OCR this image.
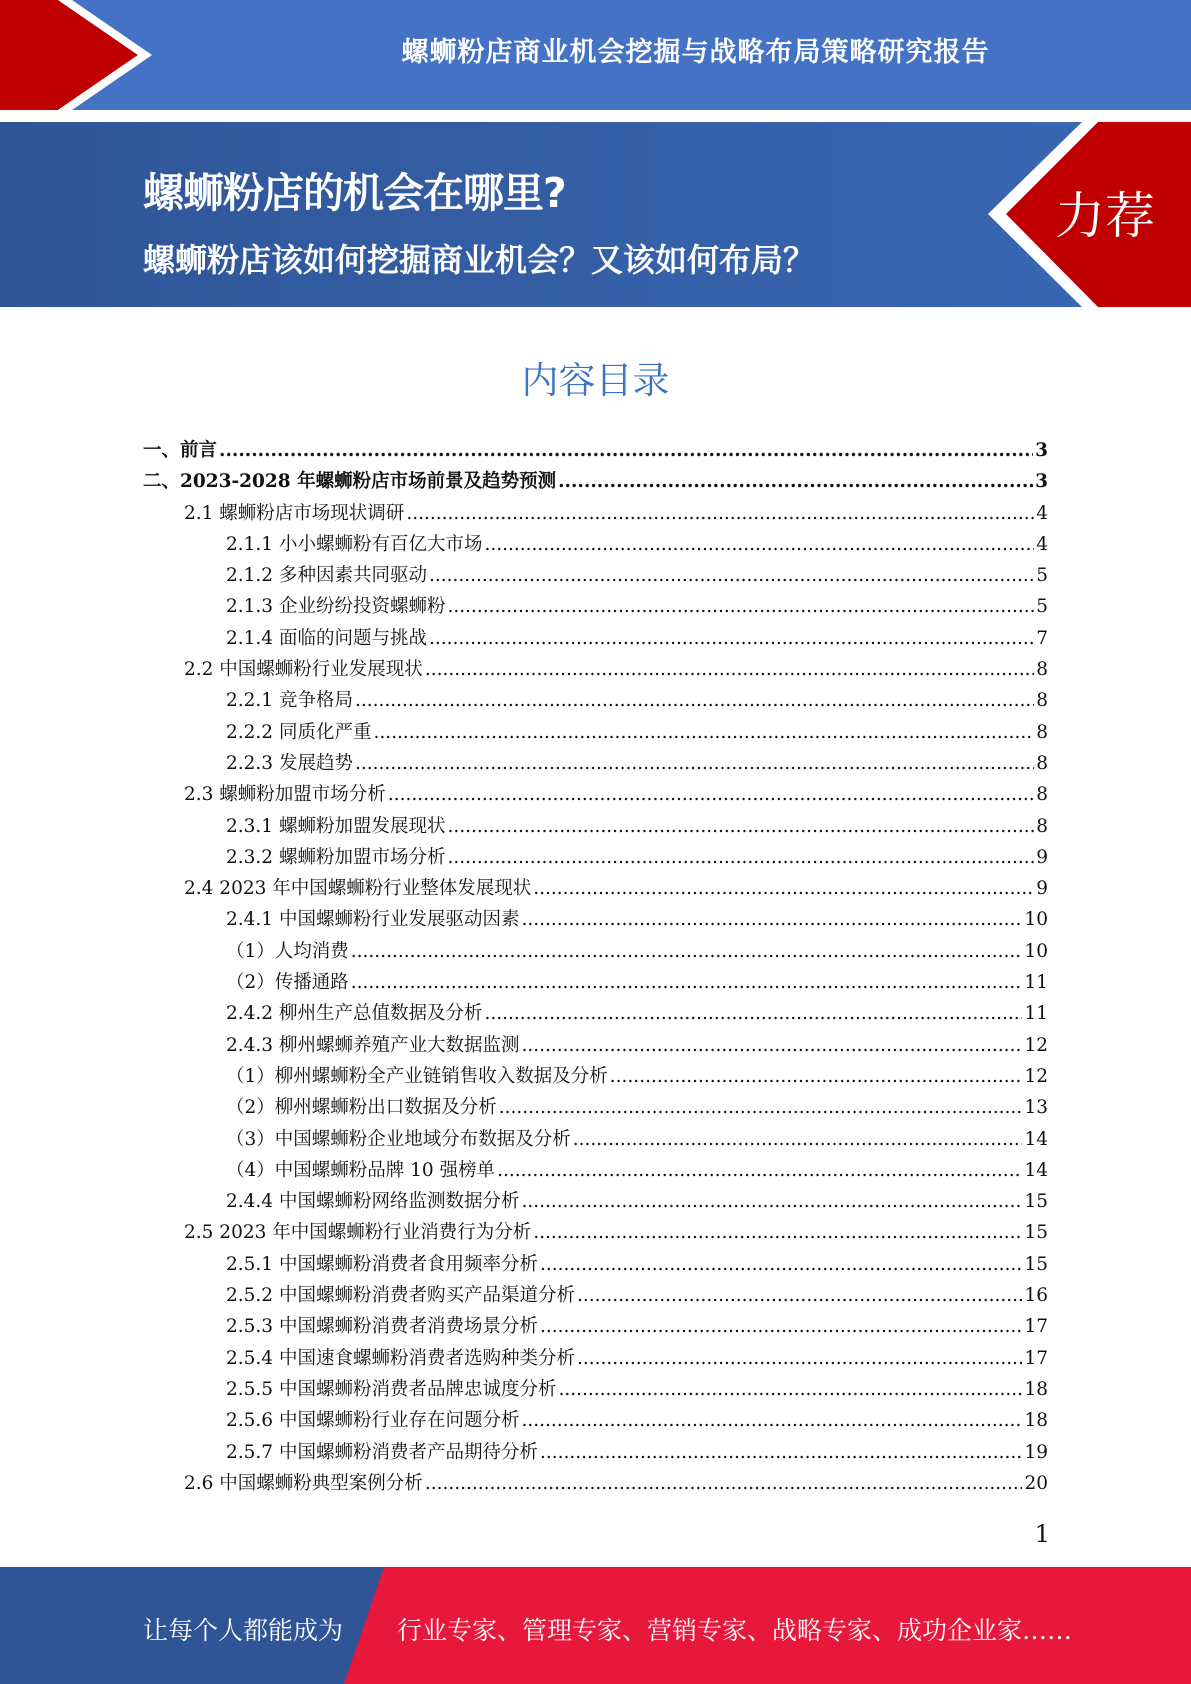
螺蛳粉店商业机会挖掘与战略布局策略研究报告
螺蛳粉店的机会在哪里?
螺蛳粉店该如何挖掘商业机会？又该如何布局？
力荐
内容目录
一、前言 .....	3
二、2023-2028 年螺蛳粉店市场前景及趋势预测 .....	3
2.1 螺蛳粉店市场现状调研 .....	4
2.1.1 小小螺蛳粉有百亿大市场 .....	4
2.1.2 多种因素共同驱动 .....	5
2.1.3 企业纷纷投资螺蛳粉 .....	5
2.1.4 面临的问题与挑战 .....	7
2.2 中国螺蛳粉行业发展现状 .....	8
2.2.1 竞争格局 .....	8
2.2.2 同质化严重 .....	8
2.2.3 发展趋势 .....	8
2.3 螺蛳粉加盟市场分析 .....	8
2.3.1 螺蛳粉加盟发展现状 .....	8
2.3.2 螺蛳粉加盟市场分析 .....	9
2.4 2023 年中国螺蛳粉行业整体发展现状 .....	9
2.4.1 中国螺蛳粉行业发展驱动因素 .....	10
（1）人均消费 .....	10
（2）传播通路 .....	11
2.4.2 柳州生产总值数据及分析 .....	11
2.4.3 柳州螺蛳养殖产业大数据监测 .....	12
（1）柳州螺蛳粉全产业链销售收入数据及分析 .....	12
（2）柳州螺蛳粉出口数据及分析 .....	13
（3）中国螺蛳粉企业地域分布数据及分析 .....	14
（4）中国螺蛳粉品牌 10 强榜单 .....	14
2.4.4 中国螺蛳粉网络监测数据分析 .....	15
2.5 2023 年中国螺蛳粉行业消费行为分析 .....	15
2.5.1 中国螺蛳粉消费者食用频率分析 .....	15
2.5.2 中国螺蛳粉消费者购买产品渠道分析 .....	16
2.5.3 中国螺蛳粉消费者消费场景分析 .....	17
2.5.4 中国速食螺蛳粉消费者选购种类分析 .....	17
2.5.5 中国螺蛳粉消费者品牌忠诚度分析 .....	18
2.5.6 中国螺蛳粉行业存在问题分析 .....	18
2.5.7 中国螺蛳粉消费者产品期待分析 .....	19
2.6 中国螺蛳粉典型案例分析 .....	20
1
让每个人都能成为 行业专家、管理专家、营销专家、战略专家、成功企业家……
